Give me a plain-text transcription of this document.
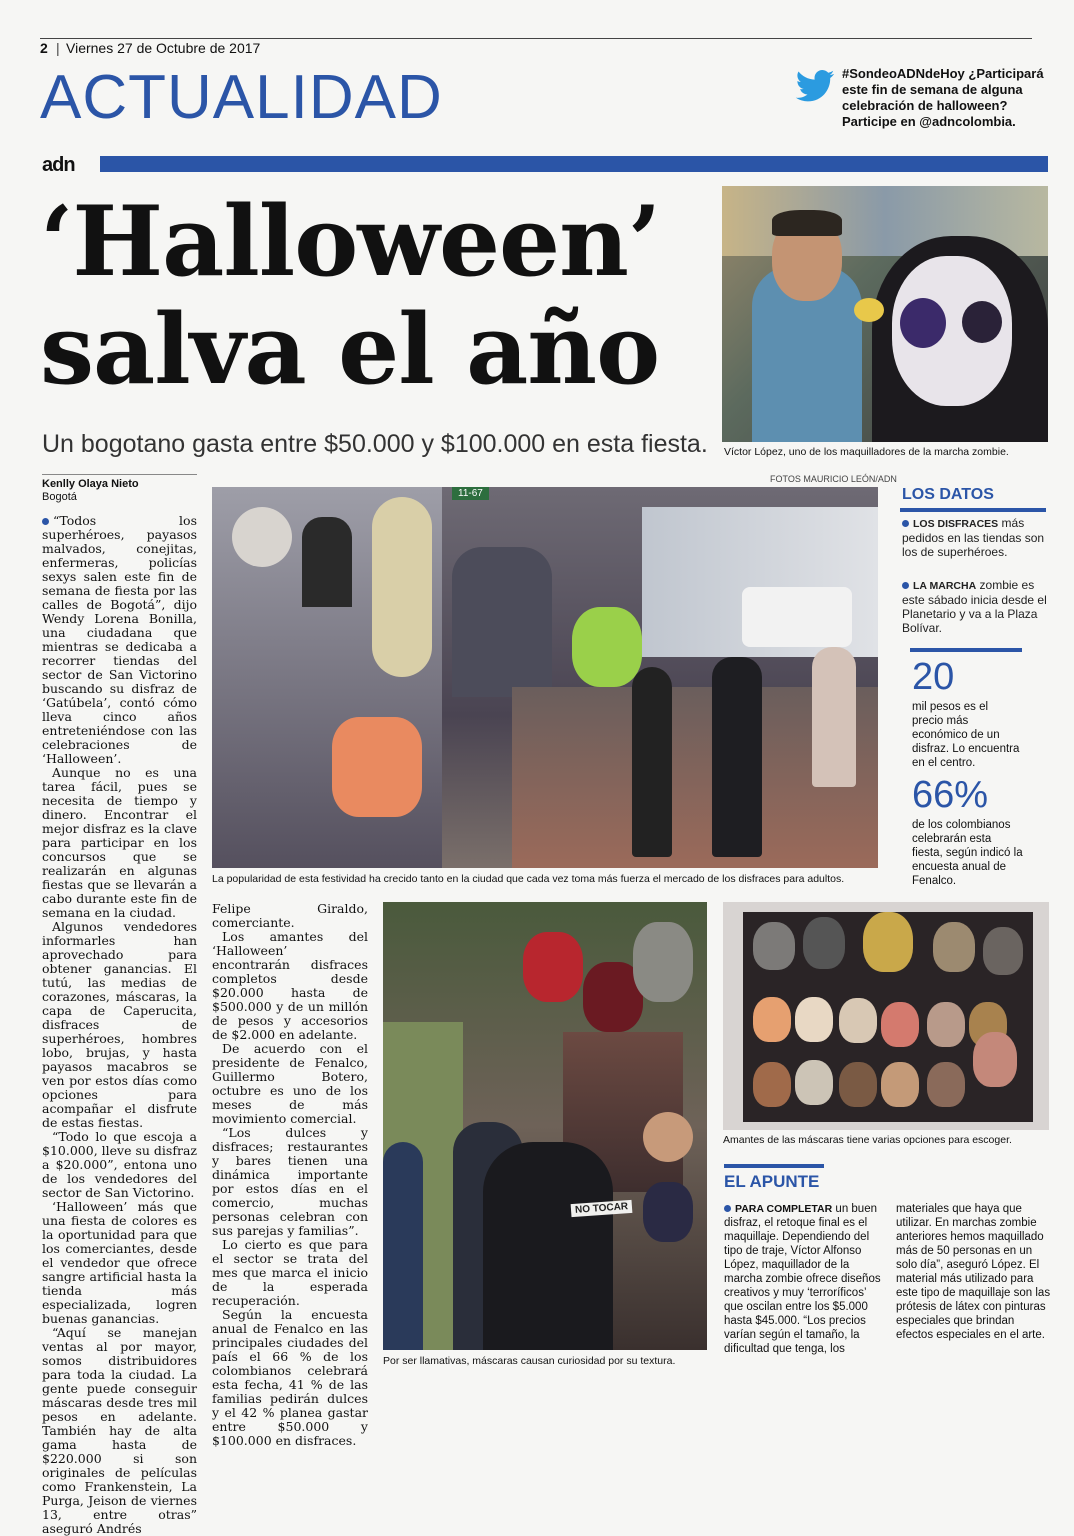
2 | Viernes 27 de Octubre de 2017
ACTUALIDAD	#SondeoADNdeHoy ¿Participará este fin de semana de alguna celebración de halloween? Participe en @adncolombia.
adn
‘Halloween’
salva el año
Un bogotano gasta entre $50.000 y $100.000 en esta fiesta. Víctor López, uno de los maquilladores de la marcha zombie.
Kenlly Olaya Nieto
Bogotá

“Todos los superhéroes, payasos malvados, conejitas, enfermeras, policías sexys salen este fin de semana de fiesta por las calles de Bogotá”, dijo Wendy Lorena Bonilla, una ciudadana que mientras se dedicaba a recorrer tiendas del sector de San Victorino buscando su disfraz de ‘Gatúbela’, contó cómo lleva cinco años entreteniéndose con las celebraciones de ‘Halloween’.

Aunque no es una tarea fácil, pues se necesita de tiempo y dinero. Encontrar el mejor disfraz es la clave para participar en los concursos que se realizarán en algunas fiestas que se llevarán a cabo durante este fin de semana en la ciudad.

Algunos vendedores informarles han aprovechado para obtener ganancias. El tutú, las medias de corazones, máscaras, la capa de Caperucita, disfraces de superhéroes, hombres lobo, brujas, y hasta payasos macabros se ven por estos días como opciones para acompañar el disfrute de estas fiestas.

“Todo lo que escoja a $10.000, lleve su disfraz a $20.000”, entona uno de los vendedores del sector de San Victorino.

‘Halloween’ más que una fiesta de colores es la oportunidad para que los comerciantes, desde el vendedor que ofrece sangre artificial hasta la tienda más especializada, logren buenas ganancias.

“Aquí se manejan ventas al por mayor, somos distribuidores para toda la ciudad. La gente puede conseguir máscaras desde tres mil pesos en adelante. También hay de alta gama hasta de $220.000 si son originales de películas como Frankenstein, La Purga, Jeison de viernes 13, entre otras” aseguró Andrés

FOTOS MAURICIO LEÓN/ADN
11-67
La popularidad de esta festividad ha crecido tanto en la ciudad que cada vez toma más fuerza el mercado de los disfraces para adultos.
LOS DATOS
LOS DISFRACES más pedidos en las tiendas son los de superhéroes.
LA MARCHA zombie es este sábado inicia desde el Planetario y va a la Plaza Bolívar.
20
mil pesos es el precio más económico de un disfraz. Lo encuentra en el centro.
66%
de los colombianos celebrarán esta fiesta, según indicó la encuesta anual de Fenalco.

Felipe Giraldo, comerciante.

Los amantes del ‘Halloween’ encontrarán disfraces completos desde $20.000 hasta de $500.000 y de un millón de pesos y accesorios de $2.000 en adelante.

De acuerdo con el presidente de Fenalco, Guillermo Botero, octubre es uno de los meses de más movimiento comercial.

“Los dulces y disfraces; restaurantes y bares tienen una dinámica importante por estos días en el comercio, muchas personas celebran con sus parejas y familias”.

Lo cierto es que para el sector se trata del mes que marca el inicio de la esperada recuperación.

Según la encuesta anual de Fenalco en las principales ciudades del país el 66 % de los colombianos celebrará esta fecha, 41 % de las familias pedirán dulces y el 42 % planea gastar entre $50.000 y $100.000 en disfraces.

NO TOCAR
Por ser llamativas, máscaras causan curiosidad por su textura.
Amantes de las máscaras tiene varias opciones para escoger.
EL APUNTE
PARA COMPLETAR un buen disfraz, el retoque final es el maquillaje. Dependiendo del tipo de traje, Víctor Alfonso López, maquillador de la marcha zombie ofrece diseños creativos y muy ‘terroríficos’ que oscilan entre los $5.000 hasta $45.000. “Los precios varían según el tamaño, la dificultad que tenga, los
materiales que haya que utilizar. En marchas zombie anteriores hemos maquillado más de 50 personas en un solo día”, aseguró López. El material más utilizado para este tipo de maquillaje son las prótesis de látex con pinturas especiales que brindan efectos especiales en el arte.
